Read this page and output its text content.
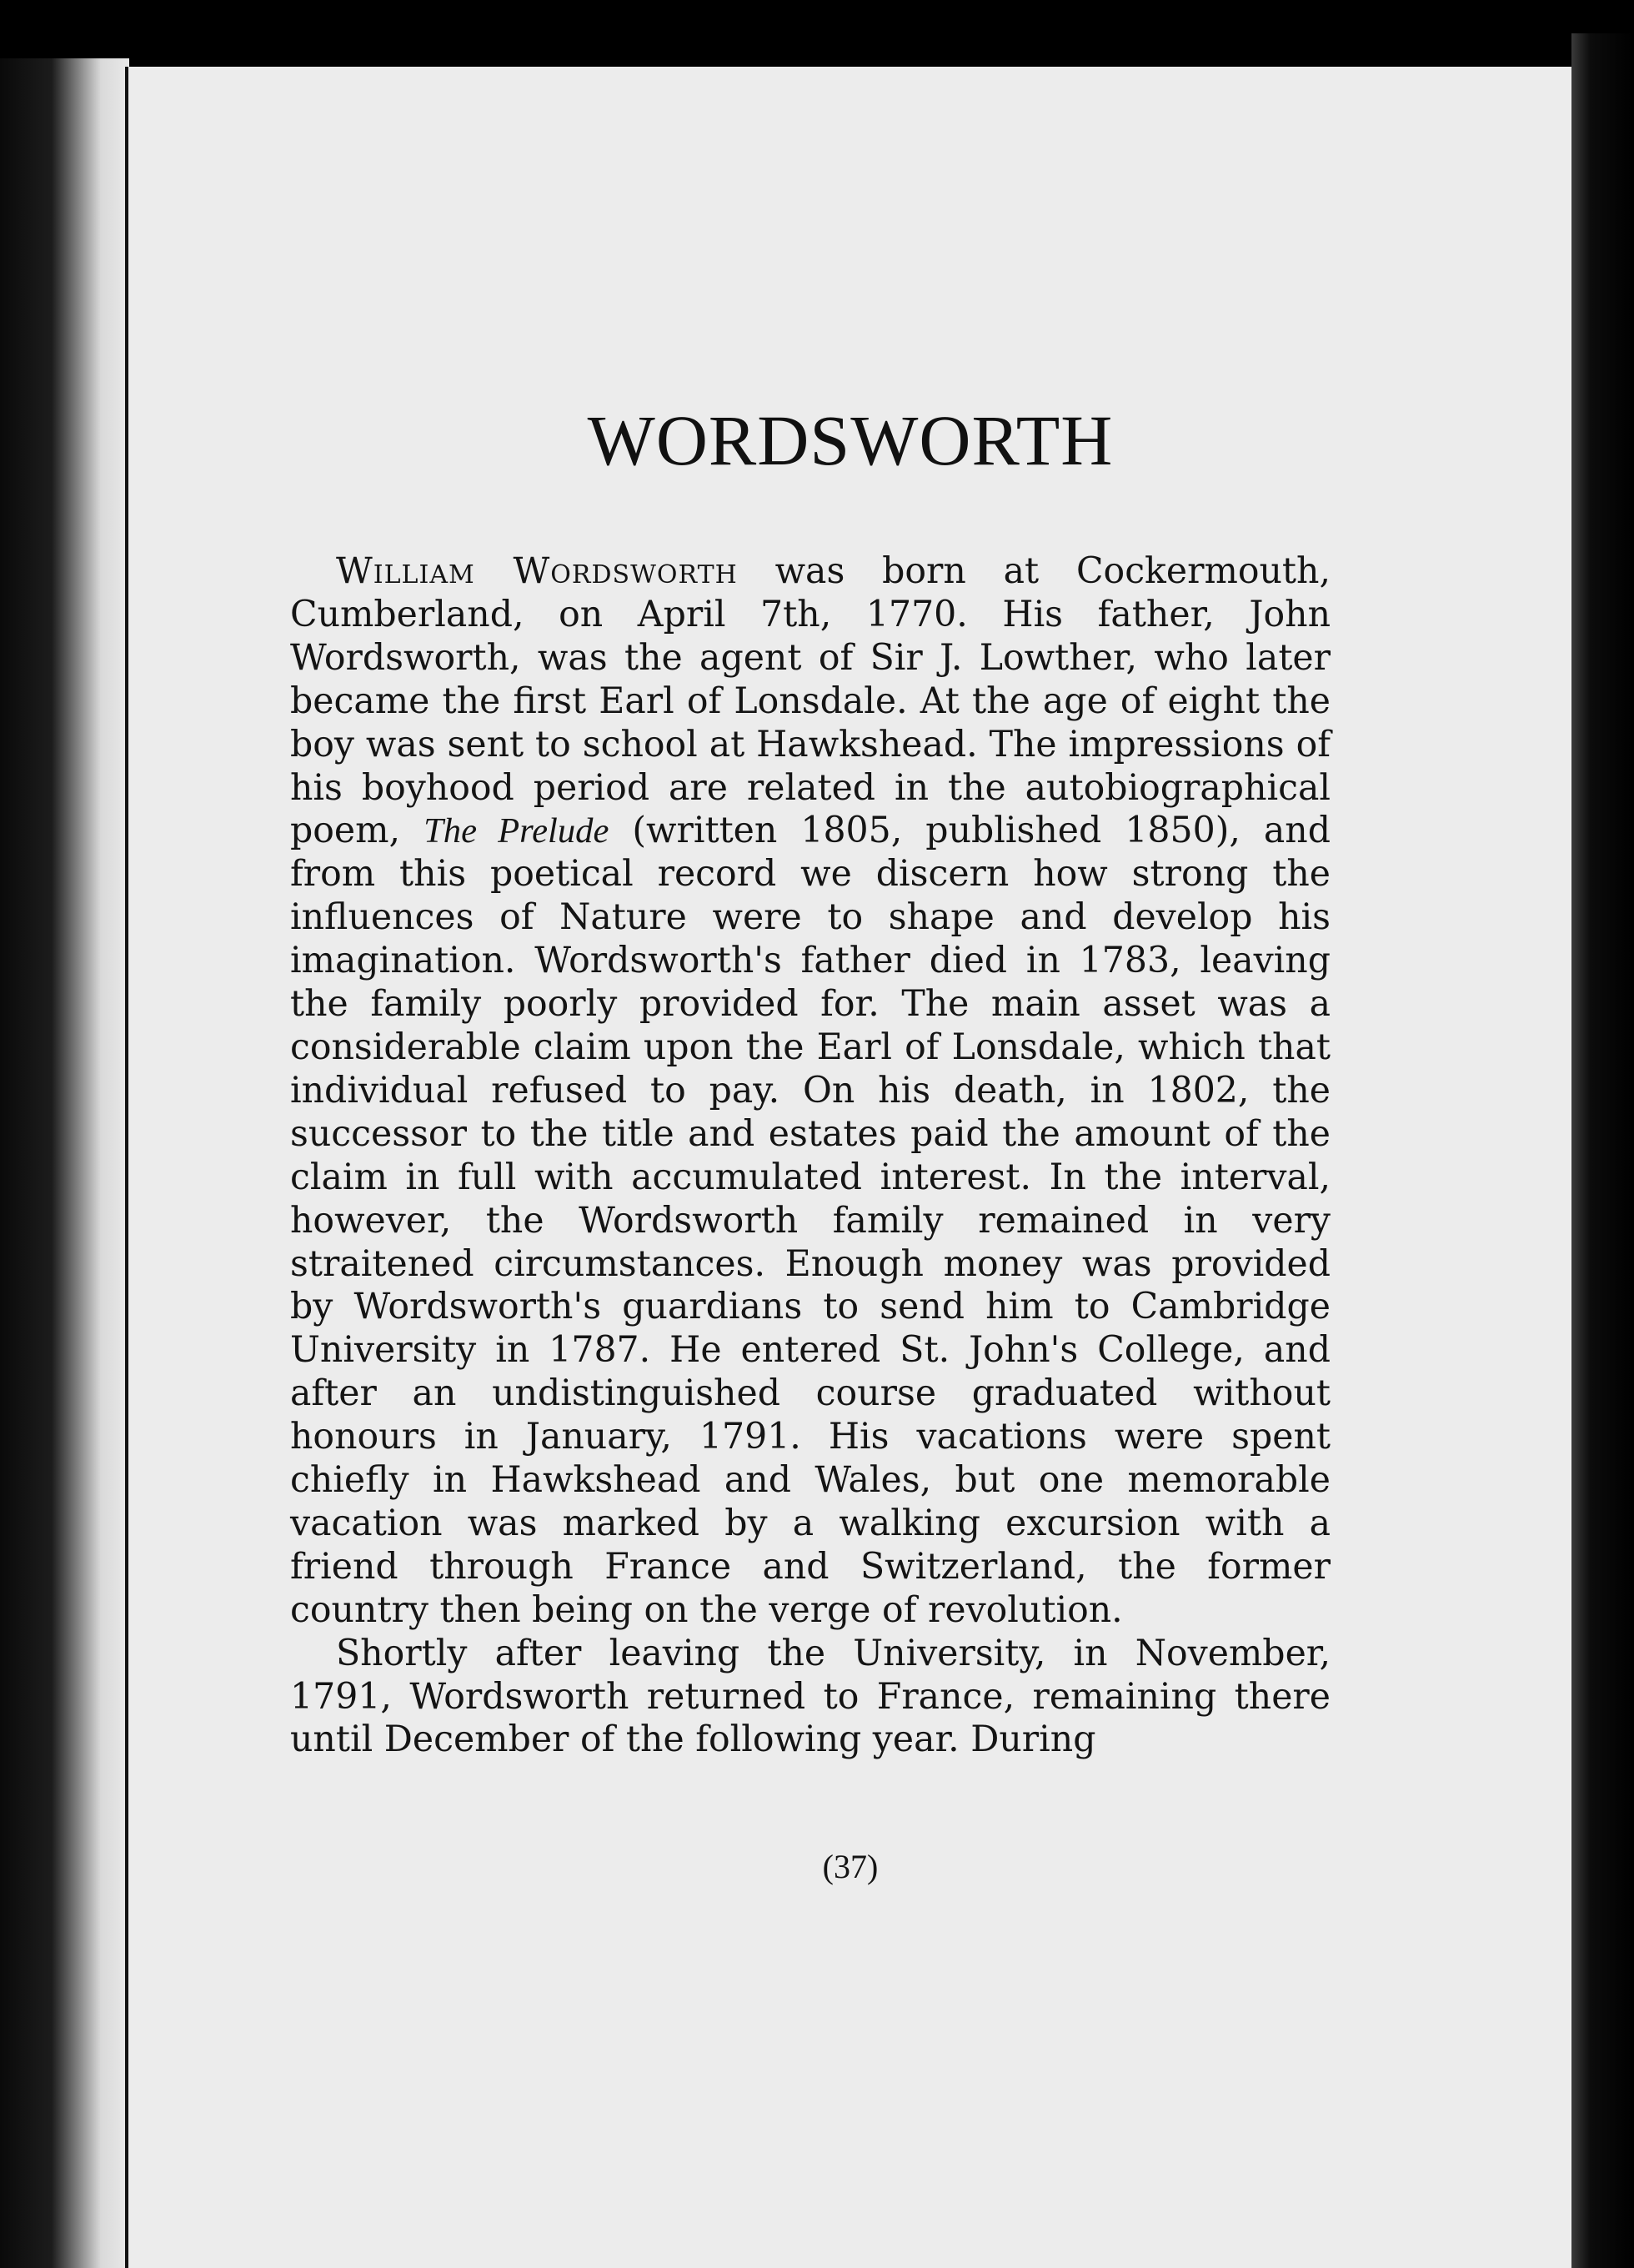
WORDSWORTH

William Wordsworth was born at Cockermouth, Cumberland, on April 7th, 1770. His father, John Wordsworth, was the agent of Sir J. Lowther, who later became the first Earl of Lonsdale. At the age of eight the boy was sent to school at Hawkshead. The impressions of his boyhood period are related in the autobiographical poem, The Prelude (written 1805, published 1850), and from this poetical record we discern how strong the influences of Nature were to shape and develop his imagination. Wordsworth's father died in 1783, leaving the family poorly provided for. The main asset was a considerable claim upon the Earl of Lonsdale, which that individual refused to pay. On his death, in 1802, the successor to the title and estates paid the amount of the claim in full with accumulated interest. In the interval, however, the Wordsworth family remained in very straitened circumstances. Enough money was provided by Wordsworth's guardians to send him to Cambridge University in 1787. He entered St. John's College, and after an undistinguished course graduated without honours in January, 1791. His vacations were spent chiefly in Hawkshead and Wales, but one memorable vacation was marked by a walking excursion with a friend through France and Switzerland, the former country then being on the verge of revolution.

Shortly after leaving the University, in November, 1791, Wordsworth returned to France, remaining there until December of the following year. During

(37)
